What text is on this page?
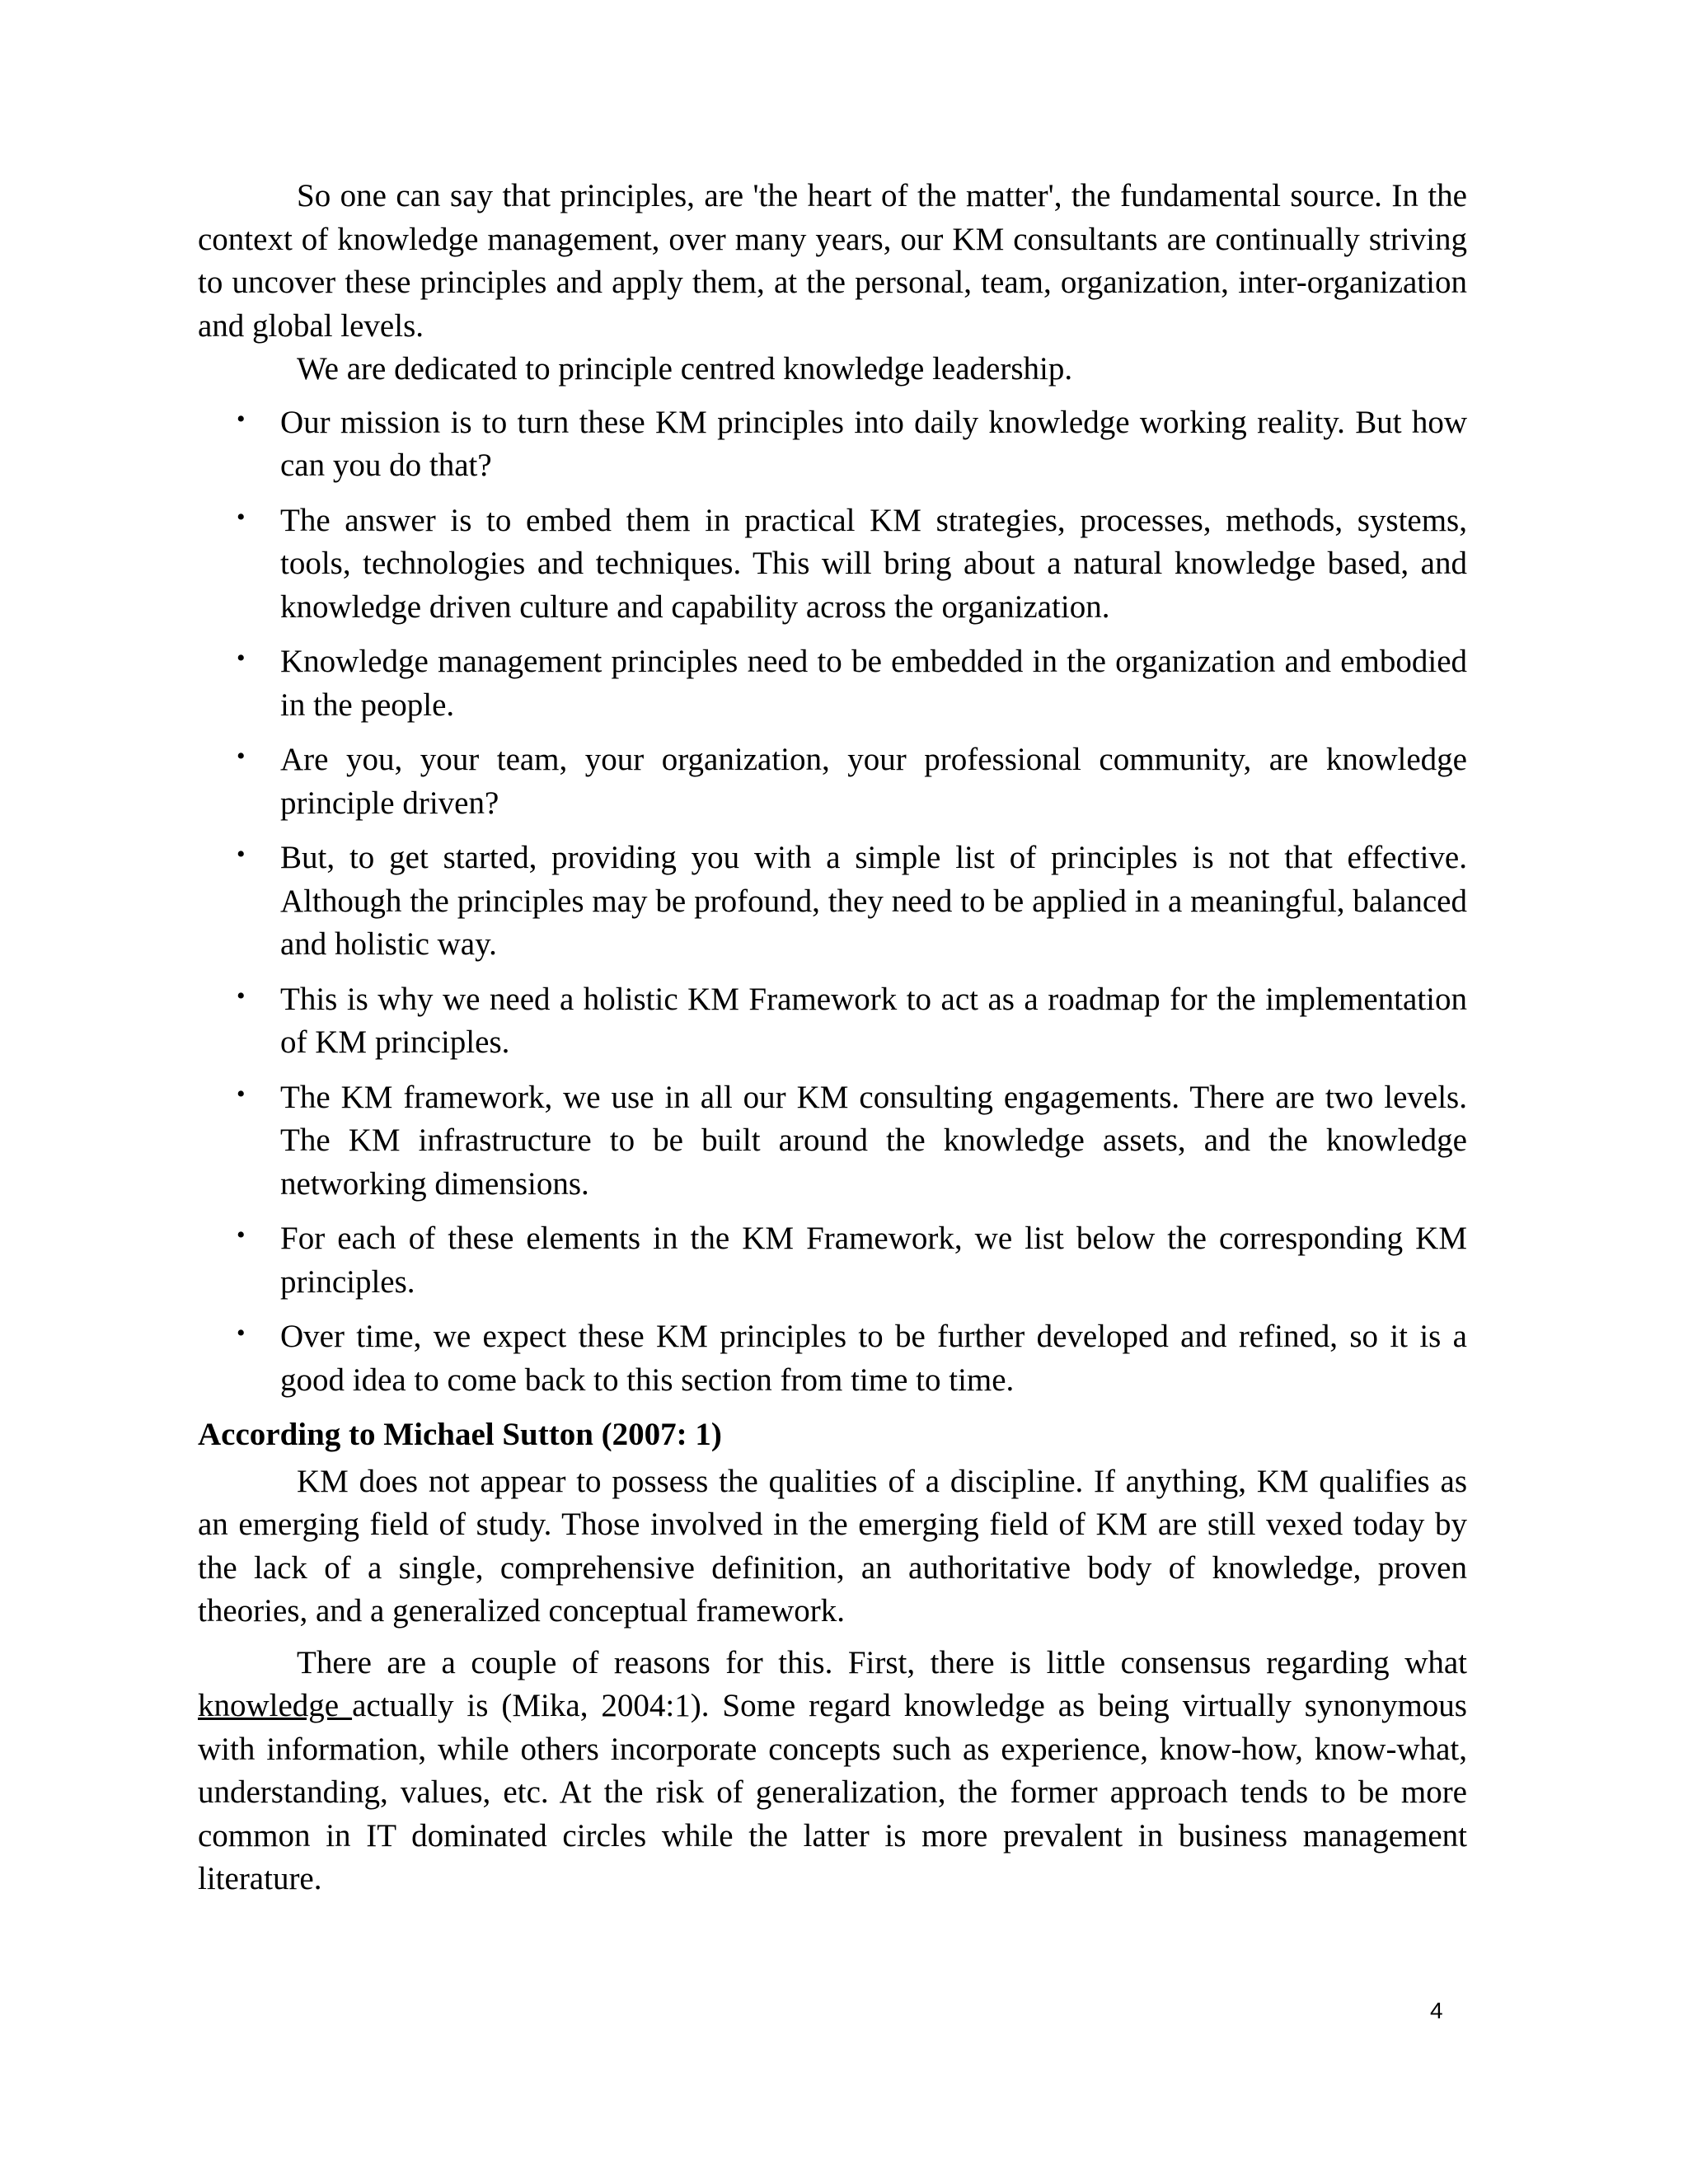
So one can say that principles, are 'the heart of the matter', the fundamental source. In the context of knowledge management, over many years, our KM consultants are continually striving to uncover these principles and apply them, at the personal, team, organization, inter-organization and global levels.

We are dedicated to principle centred knowledge leadership.

• Our mission is to turn these KM principles into daily knowledge working reality. But how can you do that?
• The answer is to embed them in practical KM strategies, processes, methods, systems, tools, technologies and techniques. This will bring about a natural knowledge based, and knowledge driven culture and capability across the organization.
• Knowledge management principles need to be embedded in the organization and embodied in the people.
• Are you, your team, your organization, your professional community, are knowledge principle driven?
• But, to get started, providing you with a simple list of principles is not that effective. Although the principles may be profound, they need to be applied in a meaningful, balanced and holistic way.
• This is why we need a holistic KM Framework to act as a roadmap for the implementation of KM principles.
• The KM framework, we use in all our KM consulting engagements. There are two levels. The KM infrastructure to be built around the knowledge assets, and the knowledge networking dimensions.
• For each of these elements in the KM Framework, we list below the corresponding KM principles.
• Over time, we expect these KM principles to be further developed and refined, so it is a good idea to come back to this section from time to time.

According to Michael Sutton (2007: 1)

KM does not appear to possess the qualities of a discipline. If anything, KM qualifies as an emerging field of study. Those involved in the emerging field of KM are still vexed today by the lack of a single, comprehensive definition, an authoritative body of knowledge, proven theories, and a generalized conceptual framework.

There are a couple of reasons for this. First, there is little consensus regarding what knowledge actually is (Mika, 2004:1). Some regard knowledge as being virtually synonymous with information, while others incorporate concepts such as experience, know-how, know-what, understanding, values, etc. At the risk of generalization, the former approach tends to be more common in IT dominated circles while the latter is more prevalent in business management literature.

4
